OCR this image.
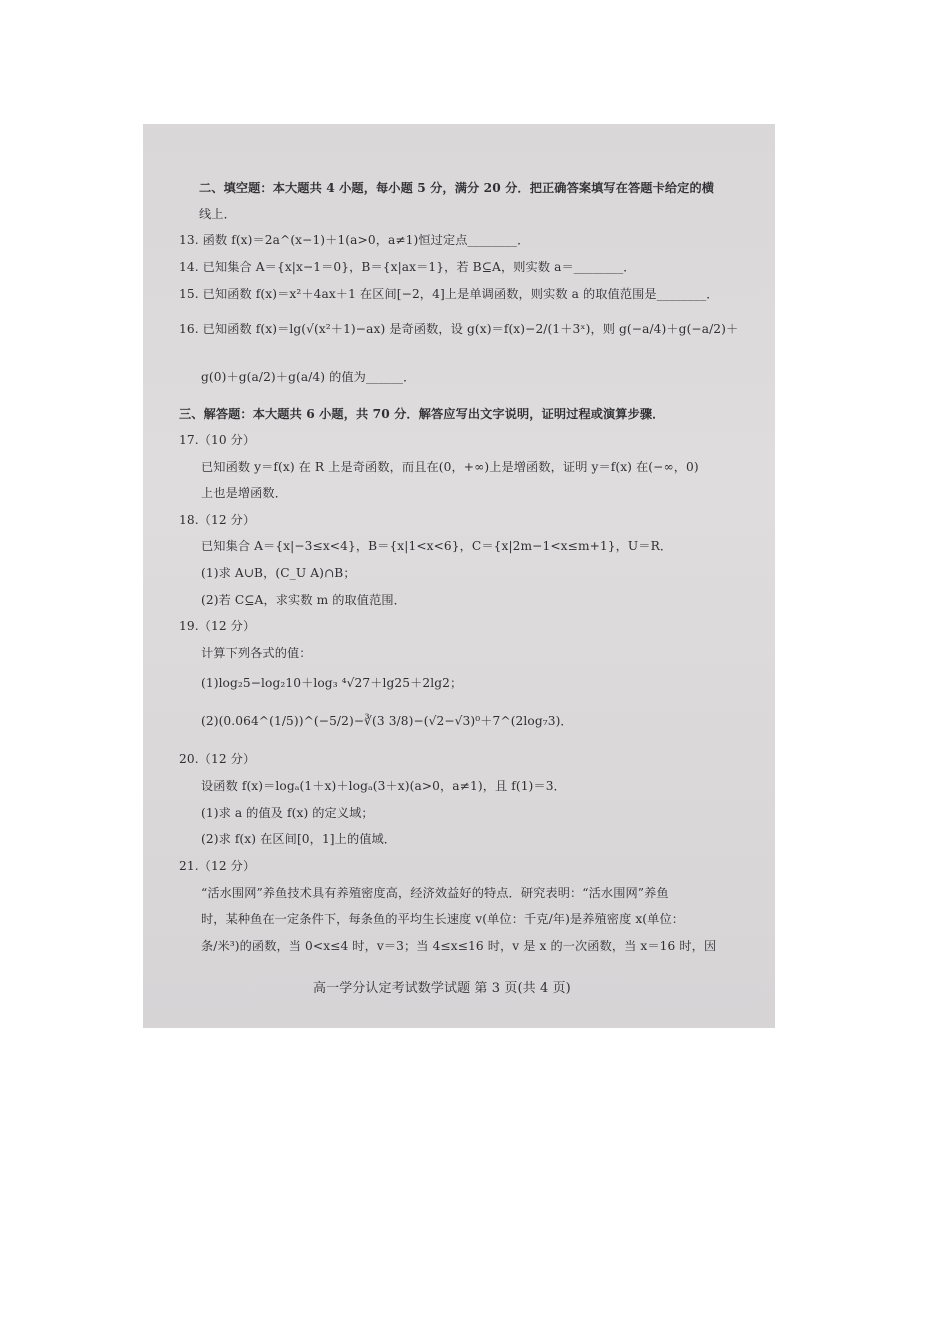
二、填空题：本大题共 4 小题，每小题 5 分，满分 20 分．把正确答案填写在答题卡给定的横
线上．
13. 函数 f(x)＝2a^(x−1)＋1(a>0，a≠1)恒过定点________．
14. 已知集合 A＝{x|x−1＝0}，B＝{x|ax＝1}，若 B⊆A，则实数 a＝________．
15. 已知函数 f(x)＝x²＋4ax＋1 在区间[−2，4]上是单调函数，则实数 a 的取值范围是________．
16. 已知函数 f(x)＝lg(√(x²＋1)−ax) 是奇函数，设 g(x)＝f(x)−2/(1＋3ˣ)，则 g(−a/4)＋g(−a/2)＋
g(0)＋g(a/2)＋g(a/4) 的值为______．
三、解答题：本大题共 6 小题，共 70 分．解答应写出文字说明，证明过程或演算步骤．
17.（10 分）
已知函数 y＝f(x) 在 R 上是奇函数，而且在(0，+∞)上是增函数，证明 y＝f(x) 在(−∞，0)
上也是增函数．
18.（12 分）
已知集合 A＝{x|−3≤x<4}，B＝{x|1<x<6}，C＝{x|2m−1<x≤m+1}，U＝R．
(1)求 A∪B，(C_U A)∩B；
(2)若 C⊆A，求实数 m 的取值范围．
19.（12 分）
计算下列各式的值：
(1)log₂5−log₂10＋log₃ ⁴√27＋lg25＋2lg2；
(2)(0.064^(1/5))^(−5/2)−∛(3 3/8)−(√2−√3)⁰＋7^(2log₇3)．
20.（12 分）
设函数 f(x)＝logₐ(1＋x)＋logₐ(3＋x)(a>0，a≠1)，且 f(1)＝3．
(1)求 a 的值及 f(x) 的定义域；
(2)求 f(x) 在区间[0，1]上的值域．
21.（12 分）
“活水围网”养鱼技术具有养殖密度高，经济效益好的特点．研究表明：“活水围网”养鱼
时，某种鱼在一定条件下，每条鱼的平均生长速度 v(单位：千克/年)是养殖密度 x(单位：
条/米³)的函数，当 0<x≤4 时，v＝3；当 4≤x≤16 时，v 是 x 的一次函数，当 x＝16 时，因
高一学分认定考试数学试题 第 3 页(共 4 页)
